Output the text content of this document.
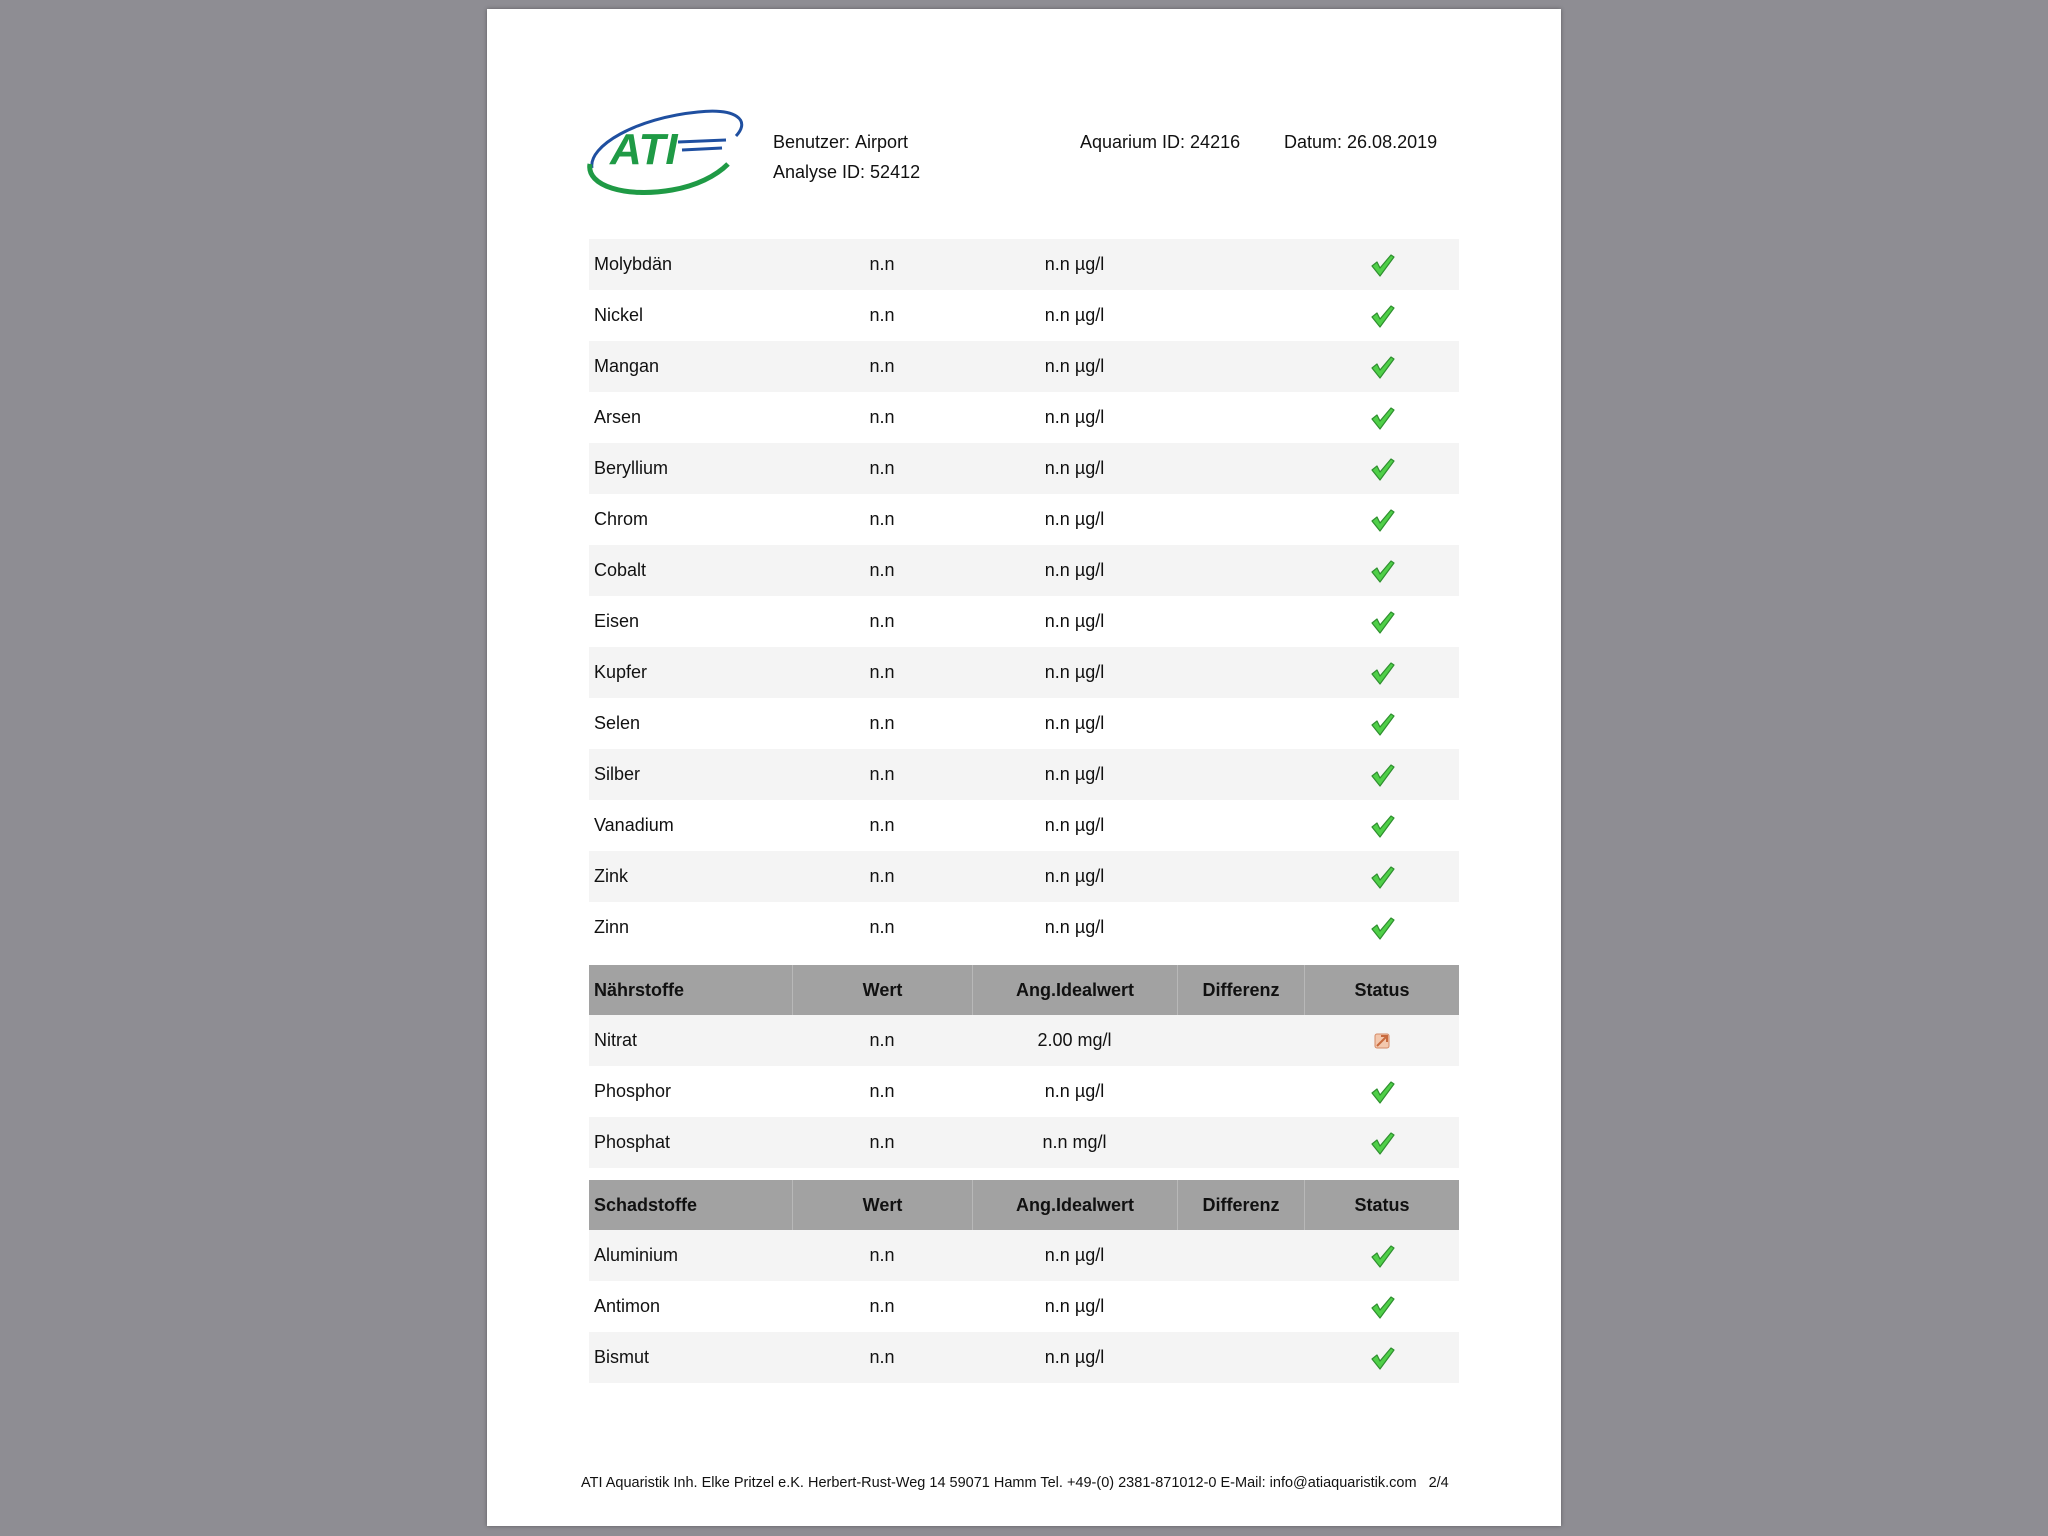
ATI	Benutzer: Airport
Analyse ID: 52412
Aquarium ID: 24216 Datum: 26.08.2019
Molybdän	n.n	n.n µg/l
Nickel	n.n	n.n µg/l
Mangan	n.n	n.n µg/l
Arsen	n.n	n.n µg/l
Beryllium	n.n	n.n µg/l
Chrom	n.n	n.n µg/l
Cobalt	n.n	n.n µg/l
Eisen	n.n	n.n µg/l
Kupfer	n.n	n.n µg/l
Selen	n.n	n.n µg/l
Silber	n.n	n.n µg/l
Vanadium	n.n	n.n µg/l
Zink	n.n	n.n µg/l
Zinn	n.n	n.n µg/l
Nährstoffe	Wert	Ang.Idealwert	Differenz	Status
Nitrat	n.n	2.00 mg/l
Phosphor	n.n	n.n µg/l
Phosphat	n.n	n.n mg/l
Schadstoffe	Wert	Ang.Idealwert	Differenz	Status
Aluminium	n.n	n.n µg/l
Antimon	n.n	n.n µg/l
Bismut	n.n	n.n µg/l
ATI Aquaristik Inh. Elke Pritzel e.K. Herbert-Rust-Weg 14 59071 Hamm Tel. +49-(0) 2381-871012-0 E-Mail: info@atiaquaristik.com 2/4
